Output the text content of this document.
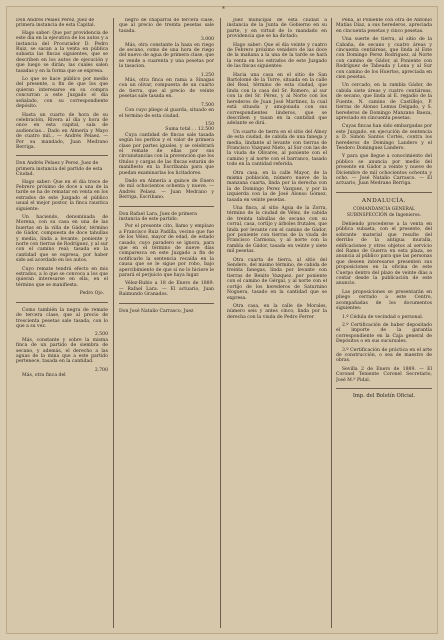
*

Don Andrés Pelaez Perez, Juez de primera instancia de esta Capital.

Hago saber: Que por providencia de este dia en la ejecutiva de los autos y a instancia del Procurador D. Pedro Ruiz, se sacan a la venta en pública subasta las fincas siguientes, que se describen en los autos de ejecución y que luego se dirán; las cuales salen tasadas y en la forma que se expresa.

Lo que se hace público por medio del presente, a fin de que los que quieran interesarse en su compra concurran a este Juzgado el día señalado, con su correspondiente depósito.

Hasta un cuarto de hora de su celebración, Rivera al día y hora de once en esta capital, sala de audiencias... Dado en Almería y Mayo de cuatro mil... — Andrés Pelaez. — Por su mandado, Juan Medrano Berriga.

Don Andrés Pelaez y Perez, Juez de primera instancia del partido de esta Ciudad.

Hago saber: Que en el día trece de Febrero próximo de doce a una de la tarde se ha de rematar en venta en los estrados de este Juzgado el público usual el mejor postor, la finca raustica siguiente:

Un haciendo, denominada de Morena, con su casa en una de las huertas en la villa de Gádor, término de Gádor, compuesta de doce tahullas y media, linda a levante, poniente y norte con tierras de Rodríguez, y al sur con el camino real; tasada en la cantidad que se expresa, por haber sido así acordado en los autos.

Cuyo remate tendrá efecto en mis estrados, a lo que se convoca a los que quieran interesarse en ella, en el término que se manifiesta.

Pedro Ojo.

Como también la negra de remate de tercera clase, que al precio de trescienta pesetas sale tasada, con lo que a su vez.

2.500

Más, constante y sobre la misma finca de un partido de siembra de secano, y además, el derecho a las aguas de la mina que a este partido pertenece, tasada en la cantidad.

2.700

Más, otra finca del

negro de chaparral de tercera clase, que al precio de treinta pesetas sale tasada.

3.000

Más, otra constante la haza en riego de secano, como de una hora de riego del nuevo de agua de primera clase, que se vende a cuarenta y una pesetas por la tasacion.

1.250

Más, otra finca en rama a Sínagas con un olivar, compuesta de un cuarto de tierra, que al precio de veinte pesetas sale tasada en.

7.500

Con cuyo pliego al guarda, situado en el termino de esta ciudad.

150

Suma total . . 12.500

Cuya cantidad de fincas sale tasada según los peritos y el valor de primera clase por partes iguales, y se celebrará el remate de ellas por sus circunstancias con la prevención que los títulos y cargas de las fincas estarán de manifiesto en la Escribanía para que puedan examinarlas los licitadores.

Dado en Almería a quince de Enero de mil ochocientos ochenta y nueve. — Andrés Pelaez. — Juan Medrano y Berriga, Escribano.

Don Rafael Lara, Juez de primera instancia de este partido.

Por el presente cito, llamo y emplazo a Francisco Ruiz Padilla, vecino que fue de los Vélez, mayor de edad, de estado casado, cuyo paradero se ignora, para que en el término de nueve días comparezca en este Juzgado a fin de notificarle la sentencia recaída en la causa que se le sigue por robo, bajo apercibimiento de que si no lo hiciere le parará el perjuicio que haya lugar.

Vélez-Rubio a 18 de Enero de 1889. — Rafael Lara. — El actuario, Juan Raimundo Granados.

Don José Natalio Carrasco, Juez

Juez municipal de esta ciudad a instancia de la Junta de Gobierno en su parte, y en virtud de lo mandado en providencia que se ha dictado.

Hago saber: Que el día veinte y cuatro de Febrero próximo venidero de las doce de la mañana a la una de la tarde se hará la venta en los estrados de este Juzgado de las fincas siguientes:

Hacia una casa en el sitio de San Bartolomé de la Torre, situada en la calle del Real, término de esta ciudad, que linda con la casa del Sr. Romero, al sur con la del Sr. Pérez, y al Norte con los herederos de Juan José Martinez, la cual está situada y amojonada con sus correspondientes linderos, que se describen y tasan en la cantidad que adelante se dirá.

Un cuarto de tierra en el sitio del Alnoy de esta ciudad, de cabida de una fanega y media, lindante al levante con tierras de Francisco Vazquez Nieto, al Sur con las de la viuda de Olivares, al poniente con el camino y al norte con el barranco, tasado todo en la cantidad referida.

Otra casa, en la calle Mayor, de la misma población, número nueve de la manzana cuarta, linda por la derecha con la de Domingo Perez Vazquez, y por la izquierda con la de José Alonso Gómez, tasada en veinte pesetas.

Una finca, al sitio Agua de la Zorra, término de la ciudad de Vélez, de cabida de treinta tahullas de secano con su corral, casa, cortijo y árboles frutales, que linda por levante con el camino de Gádor, por poniente con tierras de la viuda de Francisco Carmona, y al norte con la rambla de Gádor, tasada en veinte y siete mil pesetas.

Otra cuarta de tierra, al sitio del Sendero, del mismo término, de cabida de treinta fanegas, linda por levante con tierras de Benito Vazquez, por poniente con el camino de Gérgal, y al norte con el cortijo de los herederos de Saturnino Noguera, tasado en la cantidad que se expresa.

Otra casa, en la calle de Morales, número seis y antes cinco, linda por la derecha con la viuda de Pedro Ferrer

Peña, al Poniente con otra de Antonio Matías Díaz, a sus herederos, apreciada en cincuenta pesetas y cinco pesetas.

Una suerte de tierra, al sitio de la Cabaña, de secano y cuatro áreas y cincuenta centiáreas, que linda al Este con Domingo Perez Rodriguez, al Norte con camino de Gádor, al Poniente con Rodríguez de Tabeada y Lena y al Sur con camino de los Huertos, apreciada en cien pesetas.

Un cercado, en la rambla Gádor, de cabida siete áreas y cuatro centiáreas, de secano, que linda al E. regadío de la Fuente, N. camino de Castillejo, P. tierras de Alonso Lemus Delgado, y S. herederos de Domingo Manzano Baeza, apreciado en cincuenta pesetas.

Cuyas fincas han sido embargadas por este Juzgado, en ejecución de sentencia a D. Simón Santos Cortés, contra los herederos de Domingo Landero y el Teodoro Dominguez Landero.

Y para que llegue a conocimiento del público se anuncia por medio del presente en Gádor a veinte y nueve de Diciembre de mil ochocientos ochenta y ocho. — José Natalio Carrasco. — El actuario, Juan Medrano Berriga.

ANDALUCÍA.

COMANDANCIA GENERAL SUBINSPECCIÓN de Ingenieros.

Debiendo procederse a la venta en pública subasta, con el presente, del sobrante material que resulte del derribo de la antigua muralla, edificaciones y otros objetos al servicio del Ramo de Guerra en esta plaza, se anuncia al público para que las personas que deseen interesarse presenten sus proposiciones en la oficina de este Cuerpo dentro del plazo de veinte días a contar desde la publicación de este anuncio.

Las proposiciones se presentarán en pliego cerrado a este Centro, acompañadas de los documentos siguientes:

1.º Cédula de vecindad o personal.

2.º Certificación de haber depositado el importe de la garantía correspondiente en la Caja general de Depósitos o en sus sucursales.

3.º Certificación de práctica en el arte de construcción, o sea de maestro de obras.

Sevilla 2 de Enero de 1889. — El Coronel Teniente Coronel Secretario, José M.ª Pidal.

Imp. del Boletín Oficial.
